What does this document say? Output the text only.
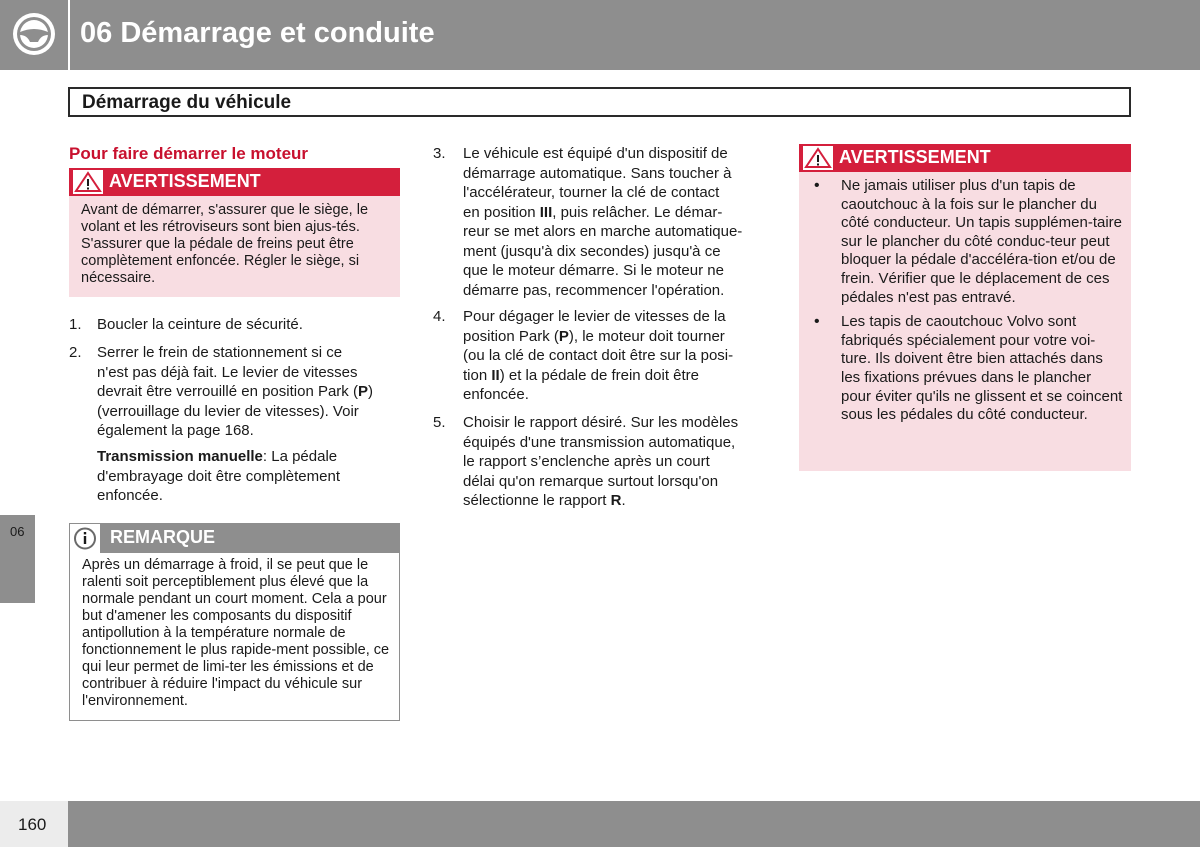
06 Démarrage et conduite
Démarrage du véhicule
06
Pour faire démarrer le moteur
AVERTISSEMENT
Avant de démarrer, s'assurer que le siège, le volant et les rétroviseurs sont bien ajus-tés. S'assurer que la pédale de freins peut être complètement enfoncée. Régler le siège, si nécessaire.
1. Boucler la ceinture de sécurité.
2. Serrer le frein de stationnement si ce
n'est pas déjà fait. Le levier de vitesses
devrait être verrouillé en position Park (P)
(verrouillage du levier de vitesses). Voir
également la page 168.
Transmission manuelle: La pédale
d'embrayage doit être complètement
enfoncée.
REMARQUE
Après un démarrage à froid, il se peut que le ralenti soit perceptiblement plus élevé que la normale pendant un court moment. Cela a pour but d'amener les composants du dispositif antipollution à la température normale de fonctionnement le plus rapide-ment possible, ce qui leur permet de limi-ter les émissions et de contribuer à réduire l'impact du véhicule sur l'environnement.
3. Le véhicule est équipé d'un dispositif de
démarrage automatique. Sans toucher à
l'accélérateur, tourner la clé de contact
en position III, puis relâcher. Le démar-
reur se met alors en marche automatique-
ment (jusqu'à dix secondes) jusqu'à ce
que le moteur démarre. Si le moteur ne
démarre pas, recommencer l'opération.
4. Pour dégager le levier de vitesses de la
position Park (P), le moteur doit tourner
(ou la clé de contact doit être sur la posi-
tion II) et la pédale de frein doit être
enfoncée.
5. Choisir le rapport désiré. Sur les modèles
équipés d'une transmission automatique,
le rapport s’enclenche après un court
délai qu'on remarque surtout lorsqu'on
sélectionne le rapport R.
AVERTISSEMENT
• Ne jamais utiliser plus d'un tapis de caoutchouc à la fois sur le plancher du côté conducteur. Un tapis supplémen-taire sur le plancher du côté conduc-teur peut bloquer la pédale d'accéléra-tion et/ou de frein. Vérifier que le déplacement de ces pédales n'est pas entravé.
• Les tapis de caoutchouc Volvo sont fabriqués spécialement pour votre voi-ture. Ils doivent être bien attachés dans les fixations prévues dans le plancher pour éviter qu'ils ne glissent et se coincent sous les pédales du côté conducteur.
160
